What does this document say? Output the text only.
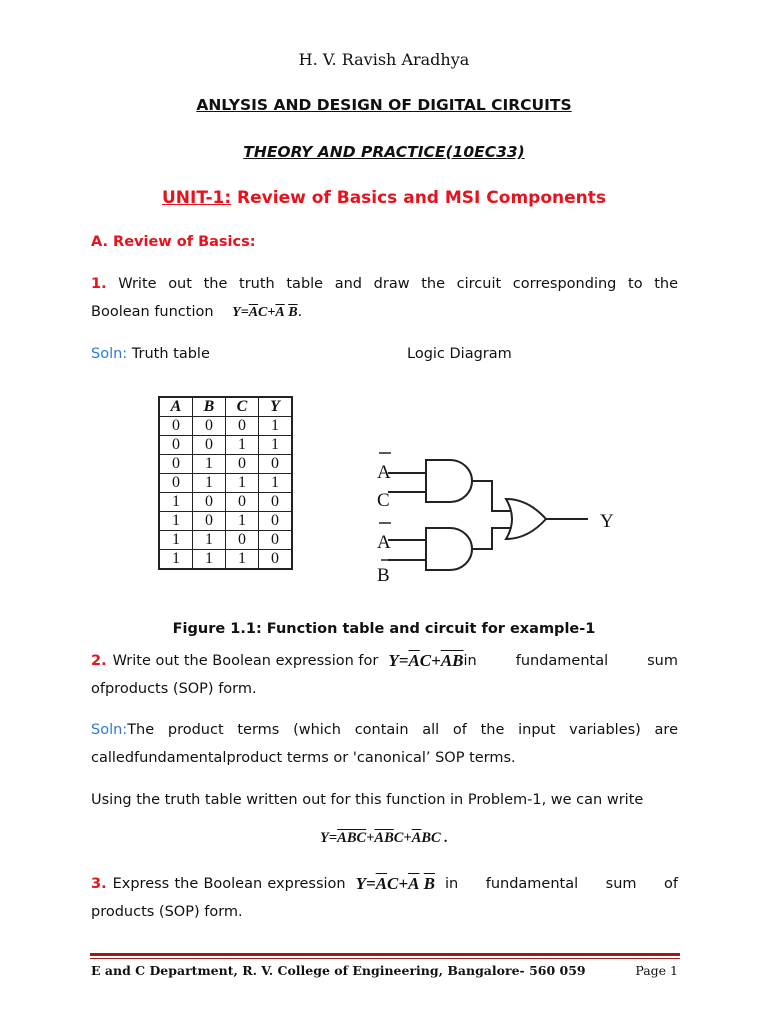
H. V. Ravish Aradhya
ANLYSIS AND DESIGN OF DIGITAL CIRCUITS
THEORY AND PRACTICE(10EC33)
UNIT-1: Review of Basics and MSI Components
A. Review of Basics:
1. Write out the truth table and draw the circuit corresponding to the
Boolean function $Y=\overline{A}C+\overline{A}$ $\overline{B}$.
Soln: Truth table	Logic Diagram
A	B	C	Y
0	0	0	1
0	0	1	1
0	1	0	0
0	1	1	1
1	0	0	0
1	0	1	0
1	1	0	0
1	1	1	0
A
C
A
B
Y
Figure 1.1: Function table and circuit for example-1
2. Write out the Boolean expression for $Y=\overline{A}C+\overline{A}\overline{B}$ in fundamental sum
ofproducts (SOP) form.
Soln:The product terms (which contain all of the input variables) are
calledfundamentalproduct terms or 'canonical’ SOP terms.
Using the truth table written out for this function in Problem-1, we can write
$Y=\overline{A}\overline{B}\overline{C}+\overline{A}\overline{B}C+\overline{A}BC$ .
3. Express the Boolean expression $Y=\overline{A}C+\overline{A}$ $\overline{B}$ in fundamental sum of
products (SOP) form.
E and C Department, R. V. College of Engineering, Bangalore- 560 059	Page 1
